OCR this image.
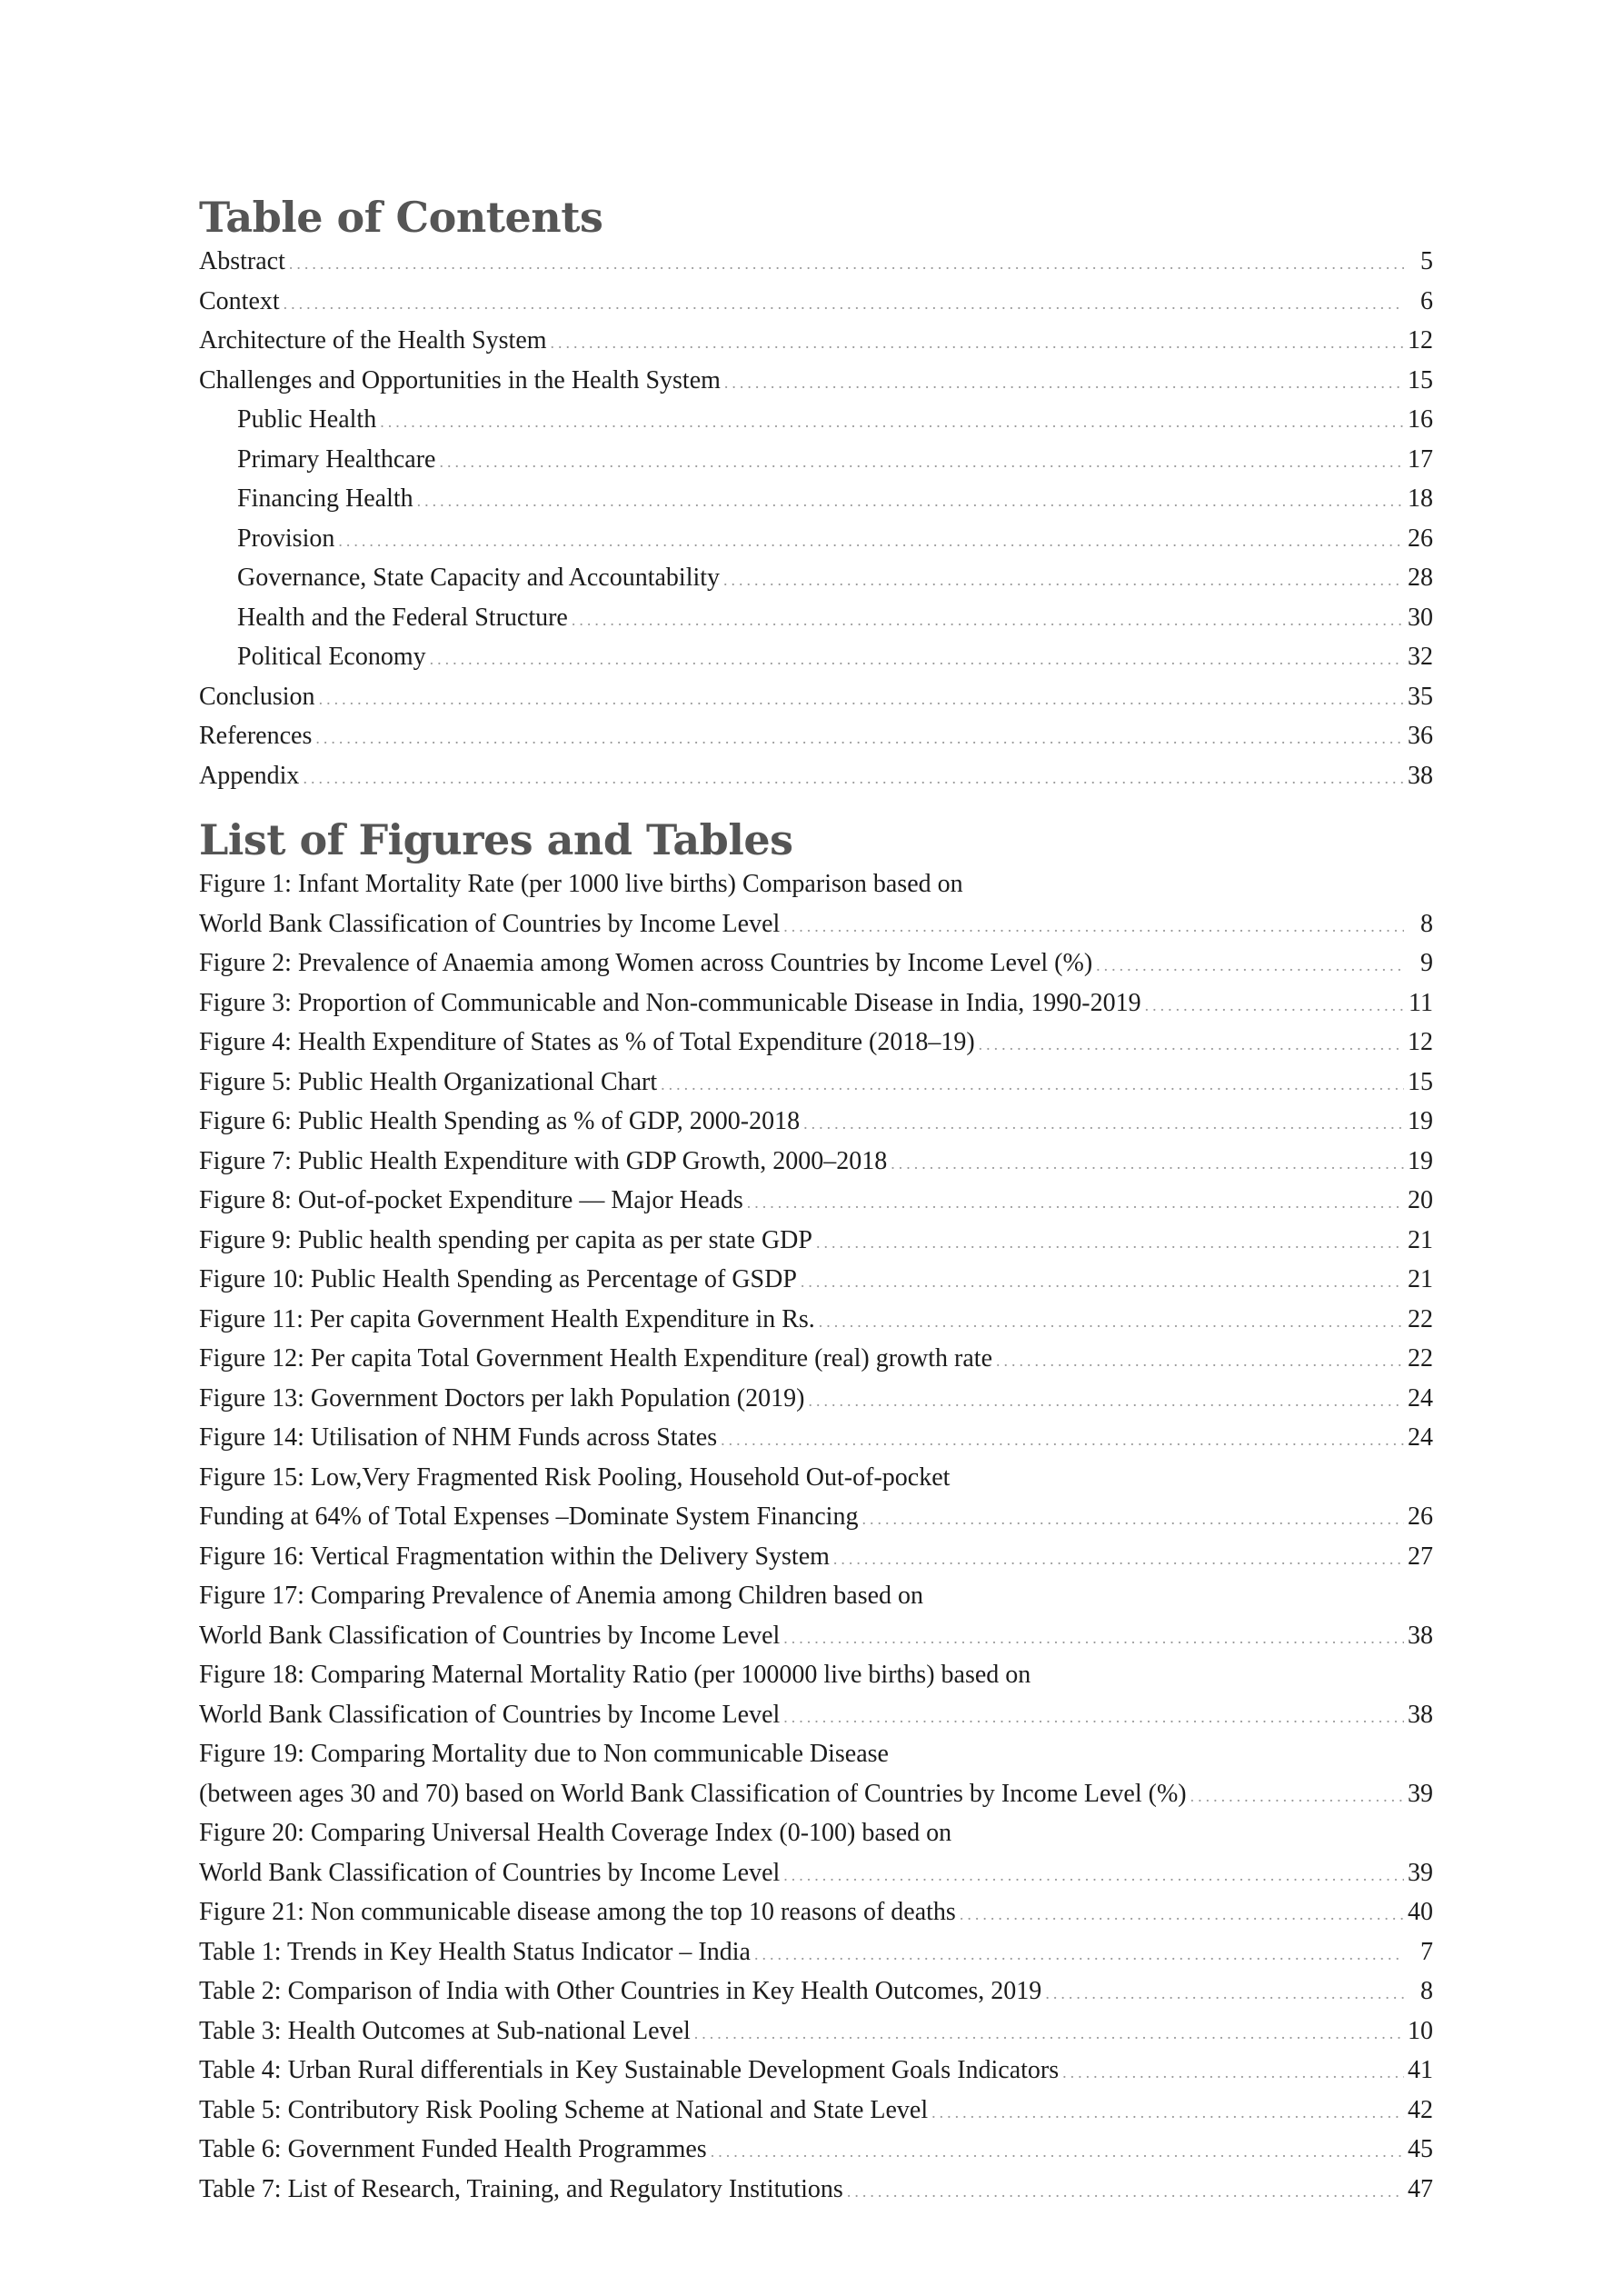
Table of Contents
Abstract .....	5
Context .....	6
Architecture of the Health System .....	12
Challenges and Opportunities in the Health System .....	15
Public Health .....	16
Primary Healthcare .....	17
Financing Health .....	18
Provision .....	26
Governance, State Capacity and Accountability .....	28
Health and the Federal Structure .....	30
Political Economy .....	32
Conclusion .....	35
References .....	36
Appendix .....	38
List of Figures and Tables
Figure 1: Infant Mortality Rate (per 1000 live births) Comparison based on
World Bank Classification of Countries by Income Level .....	8
Figure 2: Prevalence of Anaemia among Women across Countries by Income Level (%) .....	9
Figure 3: Proportion of Communicable and Non-communicable Disease in India, 1990-2019 .....	11
Figure 4: Health Expenditure of States as % of Total Expenditure (2018–19) .....	12
Figure 5: Public Health Organizational Chart .....	15
Figure 6: Public Health Spending as % of GDP, 2000-2018 .....	19
Figure 7: Public Health Expenditure with GDP Growth, 2000–2018 .....	19
Figure 8: Out-of-pocket Expenditure — Major Heads .....	20
Figure 9: Public health spending per capita as per state GDP .....	21
Figure 10: Public Health Spending as Percentage of GSDP .....	21
Figure 11: Per capita Government Health Expenditure in Rs. .....	22
Figure 12: Per capita Total Government Health Expenditure (real) growth rate .....	22
Figure 13: Government Doctors per lakh Population (2019) .....	24
Figure 14: Utilisation of NHM Funds across States .....	24
Figure 15: Low,Very Fragmented Risk Pooling, Household Out-of-pocket
Funding at 64% of Total Expenses –Dominate System Financing .....	26
Figure 16: Vertical Fragmentation within the Delivery System .....	27
Figure 17: Comparing Prevalence of Anemia among Children based on
World Bank Classification of Countries by Income Level .....	38
Figure 18: Comparing Maternal Mortality Ratio (per 100000 live births) based on
World Bank Classification of Countries by Income Level .....	38
Figure 19: Comparing Mortality due to Non communicable Disease
(between ages 30 and 70) based on World Bank Classification of Countries by Income Level (%) .....	39
Figure 20: Comparing Universal Health Coverage Index (0-100) based on
World Bank Classification of Countries by Income Level .....	39
Figure 21: Non communicable disease among the top 10 reasons of deaths .....	40
Table 1: Trends in Key Health Status Indicator – India .....	7
Table 2: Comparison of India with Other Countries in Key Health Outcomes, 2019 .....	8
Table 3: Health Outcomes at Sub-national Level .....	10
Table 4: Urban Rural differentials in Key Sustainable Development Goals Indicators .....	41
Table 5: Contributory Risk Pooling Scheme at National and State Level .....	42
Table 6: Government Funded Health Programmes .....	45
Table 7: List of Research, Training, and Regulatory Institutions .....	47
